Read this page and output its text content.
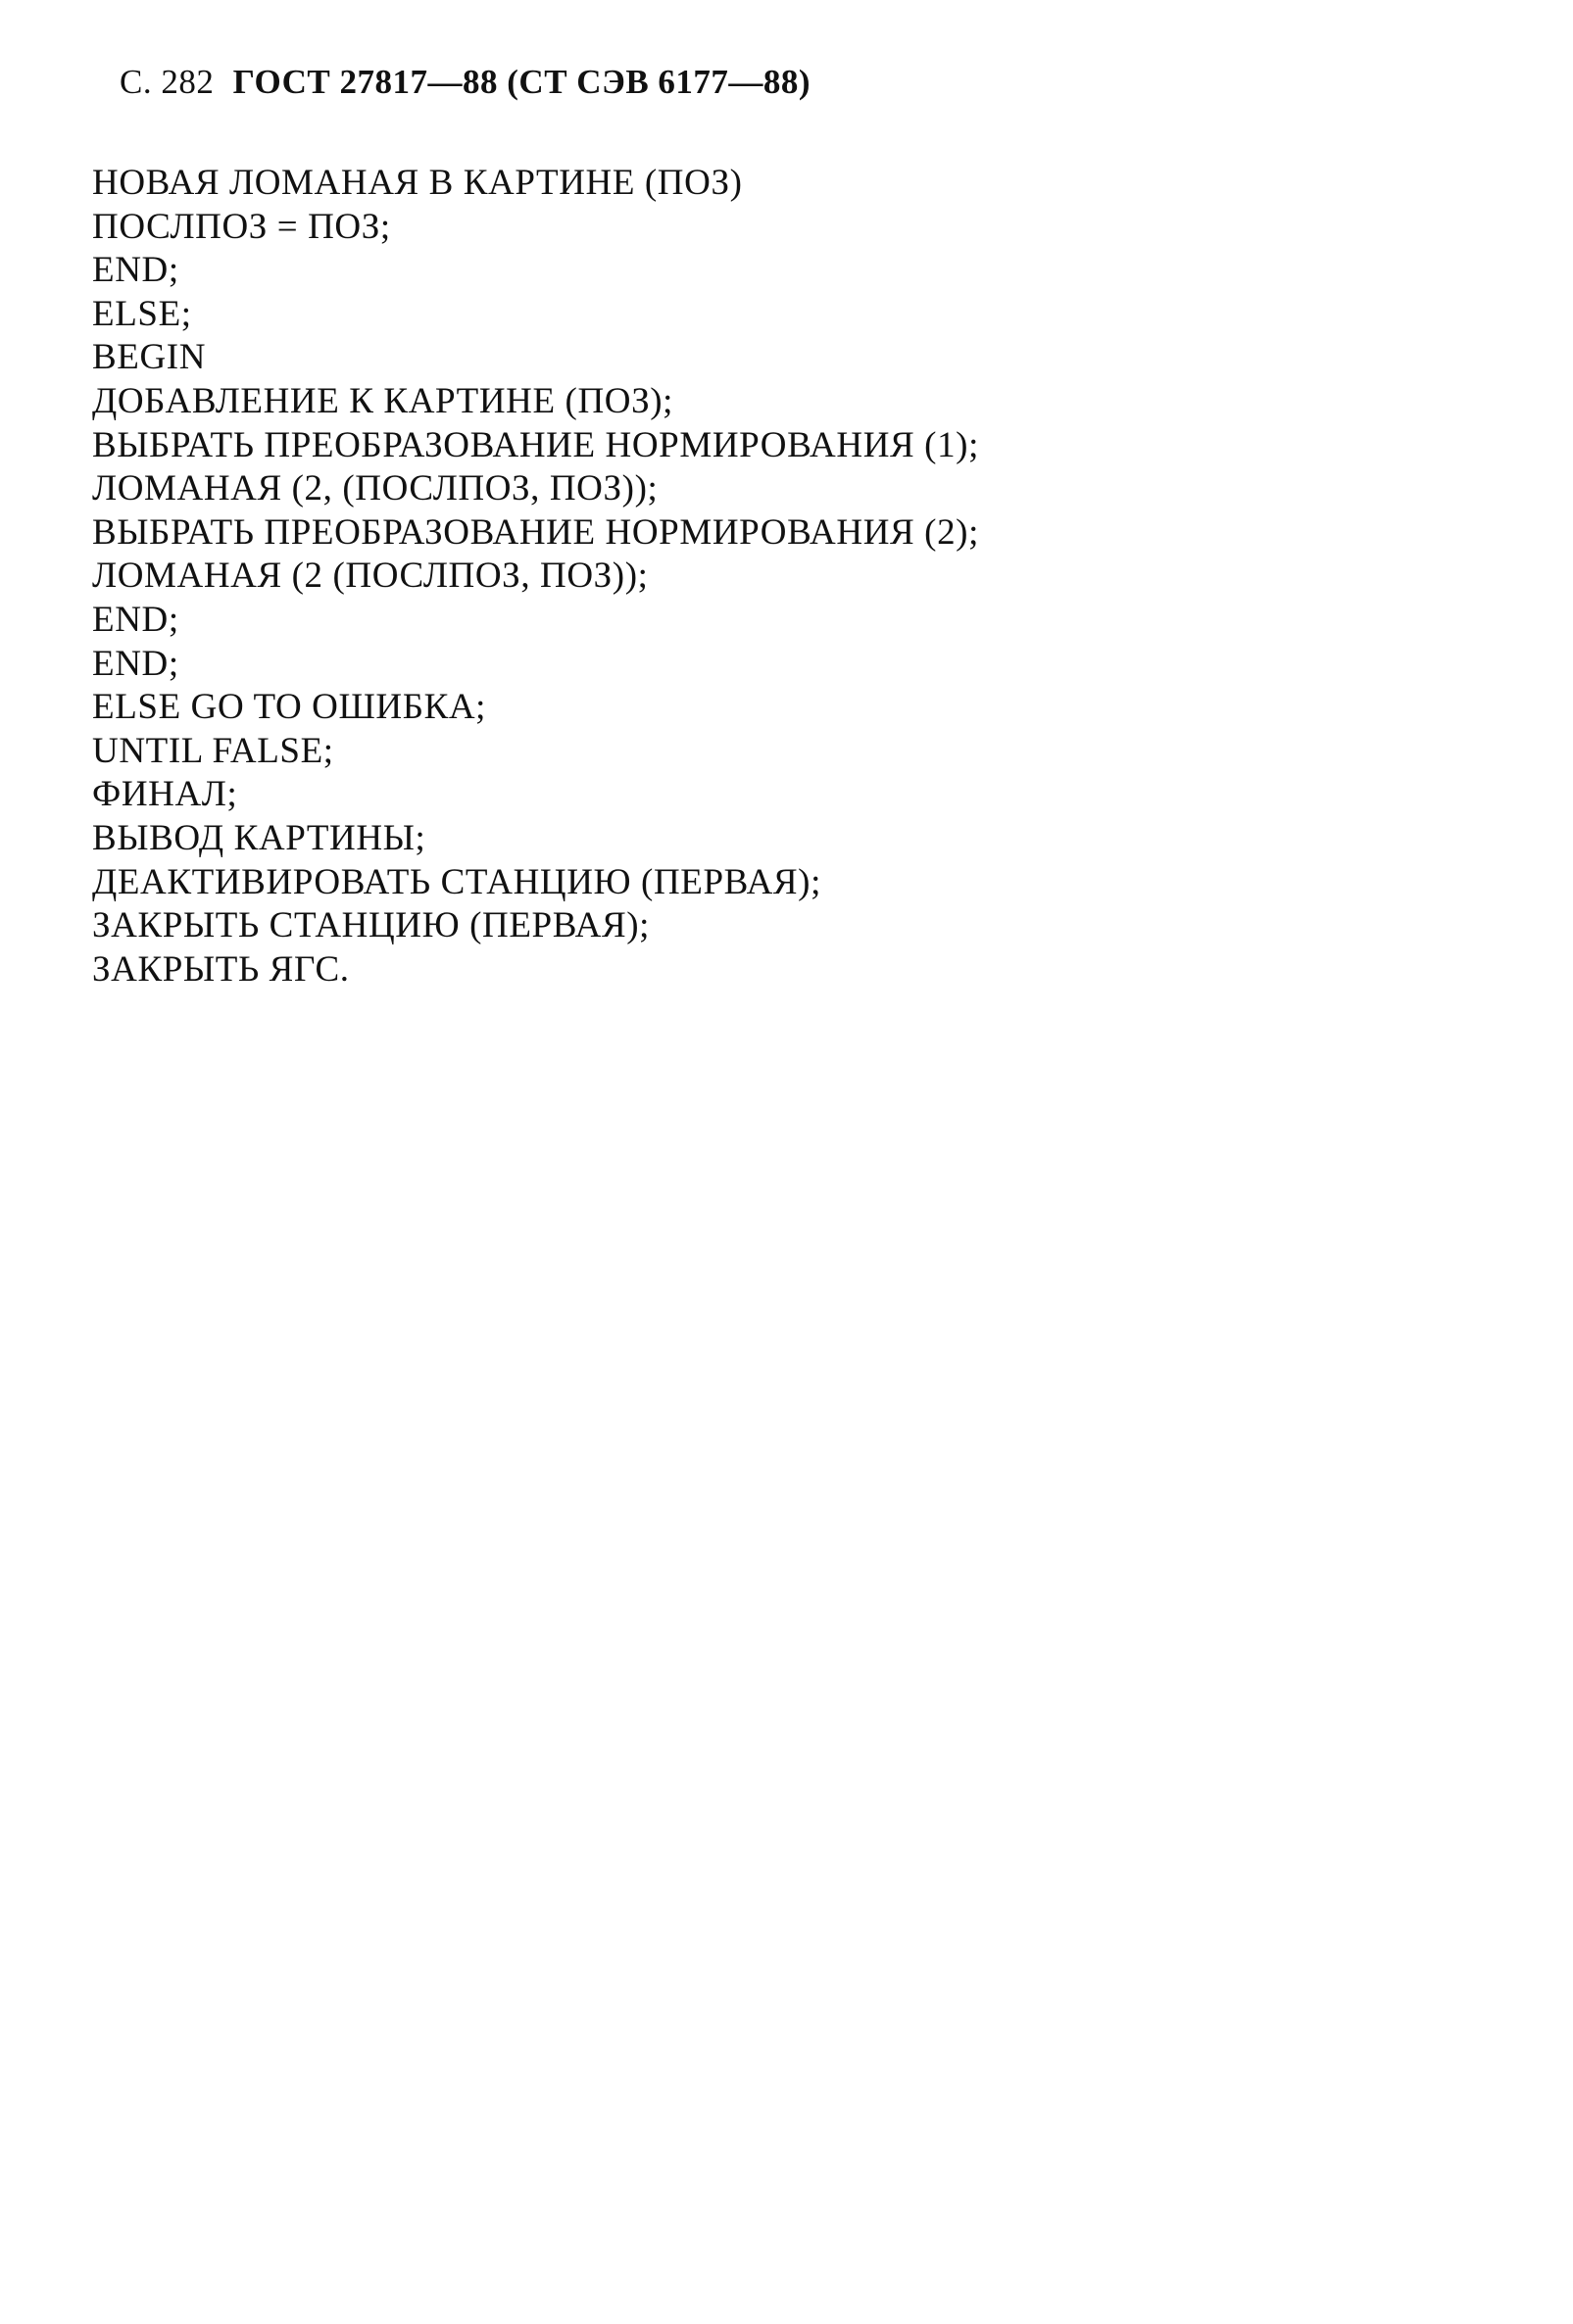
С. 282 ГОСТ 27817—88 (СТ СЭВ 6177—88)
НОВАЯ ЛОМАНАЯ В КАРТИНЕ (ПОЗ)
ПОСЛПОЗ = ПОЗ;
END;
ELSE;
BEGIN
ДОБАВЛЕНИЕ К КАРТИНЕ (ПОЗ);
ВЫБРАТЬ ПРЕОБРАЗОВАНИЕ НОРМИРОВАНИЯ (1);
ЛОМАНАЯ (2, (ПОСЛПОЗ, ПОЗ));
ВЫБРАТЬ ПРЕОБРАЗОВАНИЕ НОРМИРОВАНИЯ (2);
ЛОМАНАЯ (2 (ПОСЛПОЗ, ПОЗ));
END;
END;
ELSE GO TO ОШИБКА;
UNTIL FALSE;
ФИНАЛ;
ВЫВОД КАРТИНЫ;
ДЕАКТИВИРОВАТЬ СТАНЦИЮ (ПЕРВАЯ);
ЗАКРЫТЬ СТАНЦИЮ (ПЕРВАЯ);
ЗАКРЫТЬ ЯГС.
